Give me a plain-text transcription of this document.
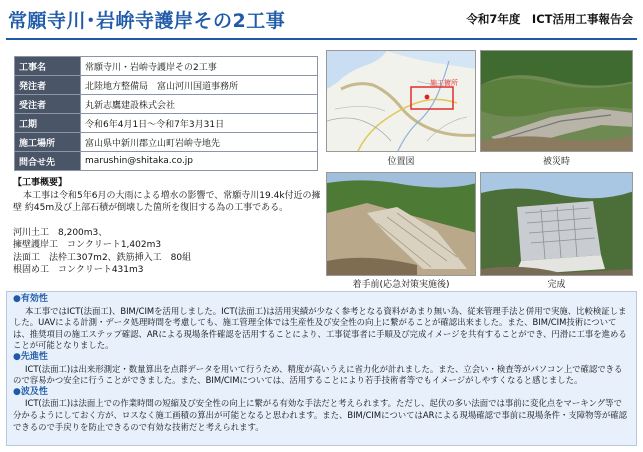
常願寺川･岩峅寺護岸その2工事	令和7年度　ICT活用工事報告会
工事名	常願寺川・岩峅寺護岸その2工事
発注者	北陸地方整備局　富山河川国道事務所
受注者	丸新志鷹建設株式会社
工期	令和6年4月1日～令和7年3月31日
施工場所	富山県中新川郡立山町岩峅寺地先
問合せ先	marushin@shitaka.co.jp
施工箇所
位置図	被災時
【工事概要】
本工事は令和5年6月の大雨による増水の影響で、常願寺川19.4k付近の擁壁 約45m及び上部石積が倒壊した箇所を復旧する為の工事である。
河川土工　8,200m3、
擁壁護岸工　コンクリート1,402m3
法面工　法枠工307m2、鉄筋挿入工　80組
根固め工　コンクリート431m3
着手前(応急対策実施後)	完成
●有効性
本工事ではICT(法面工)、BIM/CIMを活用しました。ICT(法面工)は活用実績が少なく参考となる資料があまり無い為、従来管理手法と併用で実施、比較検証しました。UAVによる計測・データ処理時間を考慮しても、施工管理全体では生産性及び安全性の向上に繋がることが確認出来ました。また、BIM/CIM技術については、推奨項目の施工ステップ確認、ARによる現場条件確認を活用することにより、工事従事者に手順及び完成イメージを共有することができ、円滑に工事を進めることが可能となりました。
●先進性
ICT(法面工)は出来形測定・数量算出を点群データを用いて行うため、精度が高いうえに省力化が計れました。また、立会い・検査等がパソコン上で確認できるので容易かつ安全に行うことができました。また、BIM/CIMについては、活用することにより若手技術者等でもイメージがしやすくなると感じました。
●波及性
ICT(法面工)は法面上での作業時間の短縮及び安全性の向上に繋がる有効な手法だと考えられます。ただし、起伏の多い法面では事前に変化点をマーキング等で分かるようにしておく方が、ロスなく施工画積の算出が可能となると思われます。また、BIM/CIMについてはARによる現場確認で事前に現場条件・支障物等が確認できるので手戻りを防止できるので有効な技術だと考えられます。
